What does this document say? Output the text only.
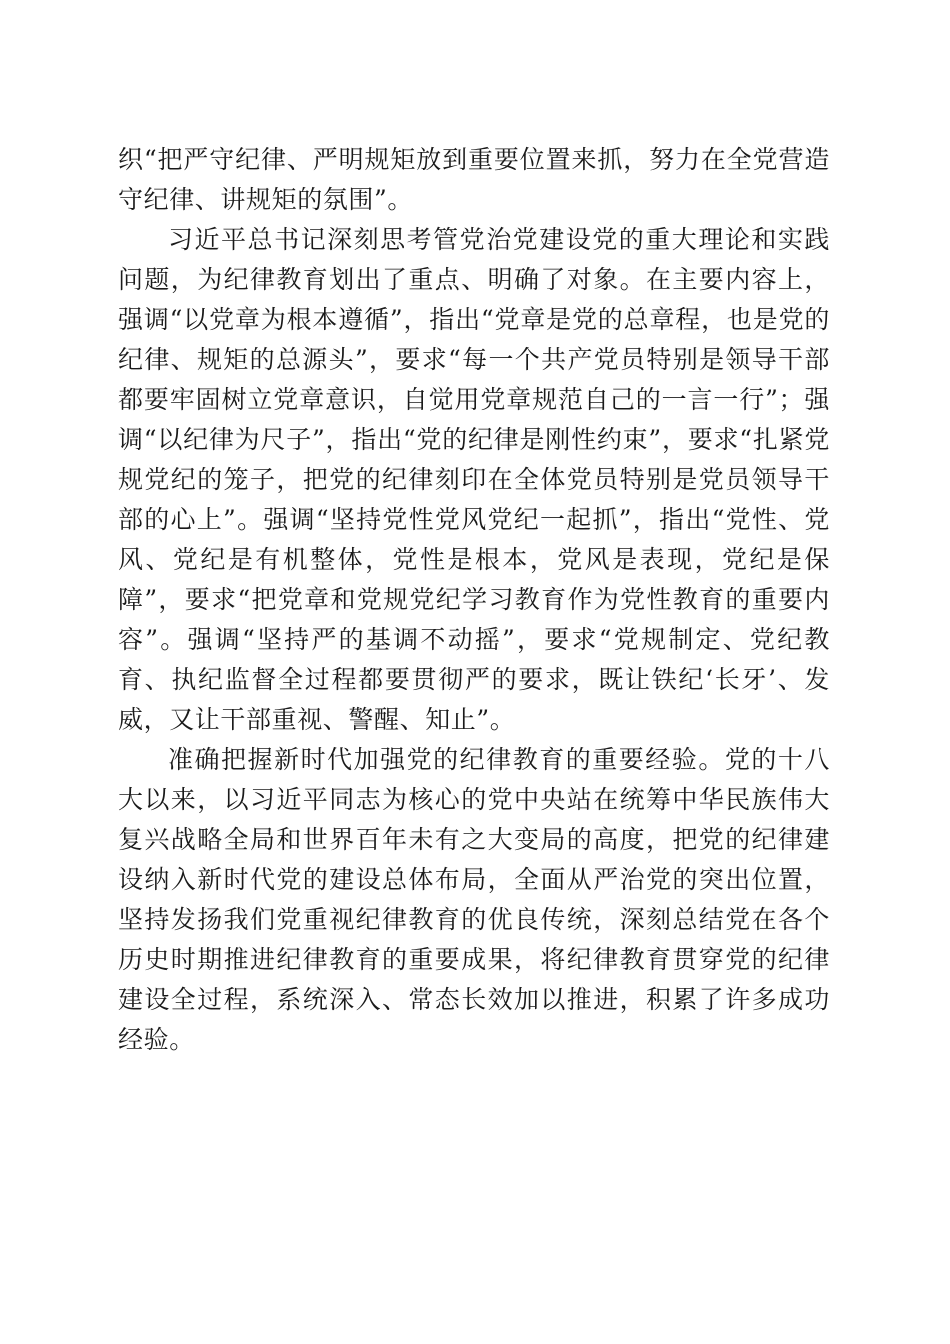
织“把严守纪律、严明规矩放到重要位置来抓，努力在全党营造守纪律、讲规矩的氛围”。

习近平总书记深刻思考管党治党建设党的重大理论和实践问题，为纪律教育划出了重点、明确了对象。在主要内容上，强调“以党章为根本遵循”，指出“党章是党的总章程，也是党的纪律、规矩的总源头”，要求“每一个共产党员特别是领导干部都要牢固树立党章意识，自觉用党章规范自己的一言一行”；强调“以纪律为尺子”，指出“党的纪律是刚性约束”，要求“扎紧党规党纪的笼子，把党的纪律刻印在全体党员特别是党员领导干部的心上”。强调“坚持党性党风党纪一起抓”，指出“党性、党风、党纪是有机整体，党性是根本，党风是表现，党纪是保障”，要求“把党章和党规党纪学习教育作为党性教育的重要内容”。强调“坚持严的基调不动摇”，要求“党规制定、党纪教育、执纪监督全过程都要贯彻严的要求，既让铁纪‘长牙’、发威，又让干部重视、警醒、知止”。

准确把握新时代加强党的纪律教育的重要经验。党的十八大以来，以习近平同志为核心的党中央站在统筹中华民族伟大复兴战略全局和世界百年未有之大变局的高度，把党的纪律建设纳入新时代党的建设总体布局，全面从严治党的突出位置，坚持发扬我们党重视纪律教育的优良传统，深刻总结党在各个历史时期推进纪律教育的重要成果，将纪律教育贯穿党的纪律建设全过程，系统深入、常态长效加以推进，积累了许多成功经验。
